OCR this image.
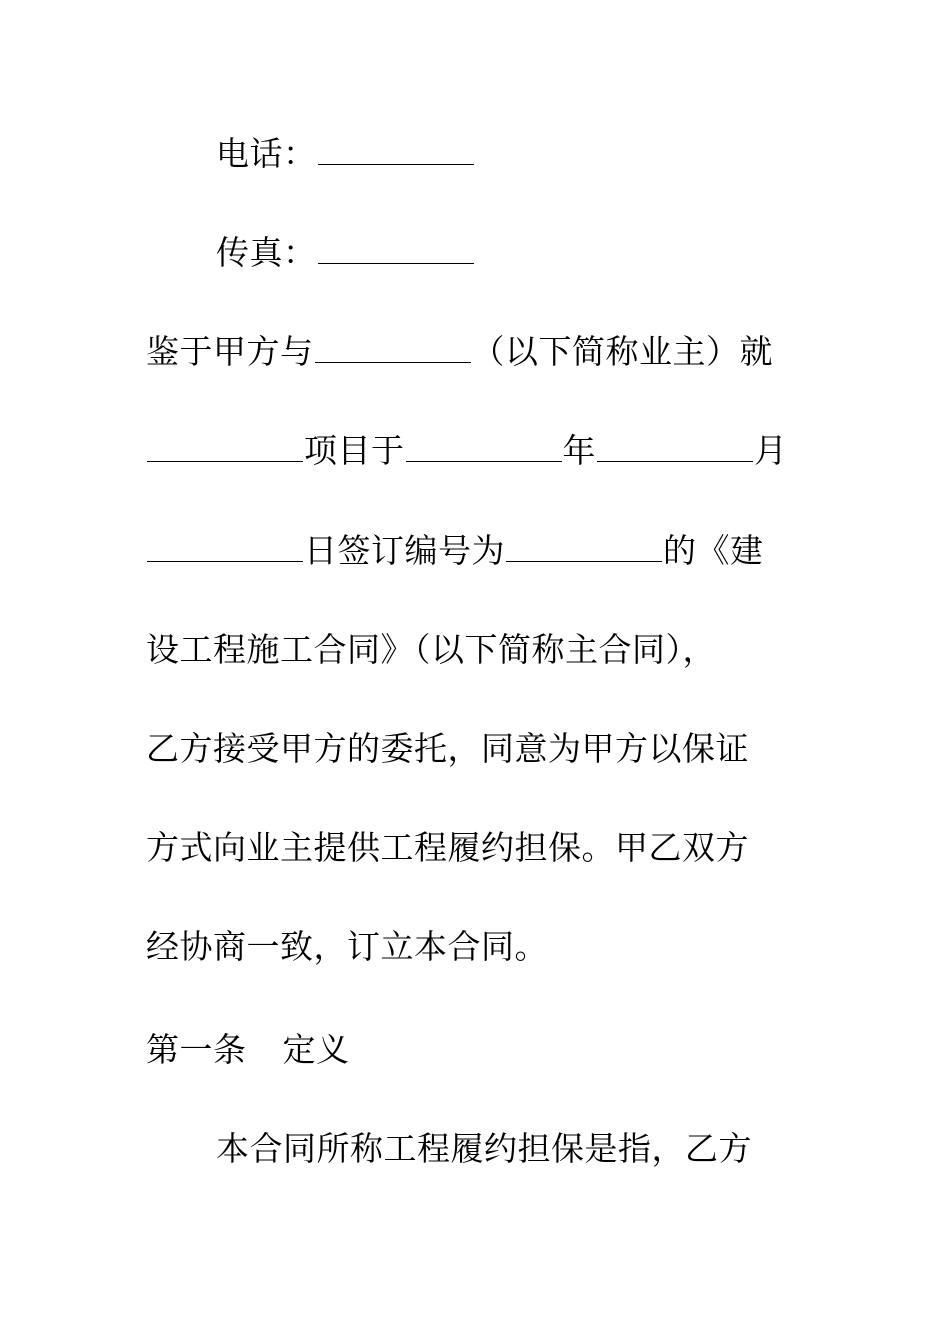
电话：
传真：
鉴于甲方与	（以下简称业主）就
项目于	年	月
日签订编号为	的《建
设工程施工合同》（以下简称主合同），
乙方接受甲方的委托，同意为甲方以保证
方式向业主提供工程履约担保。甲乙双方
经协商一致，订立本合同。
第一条 定义
本合同所称工程履约担保是指，乙方
